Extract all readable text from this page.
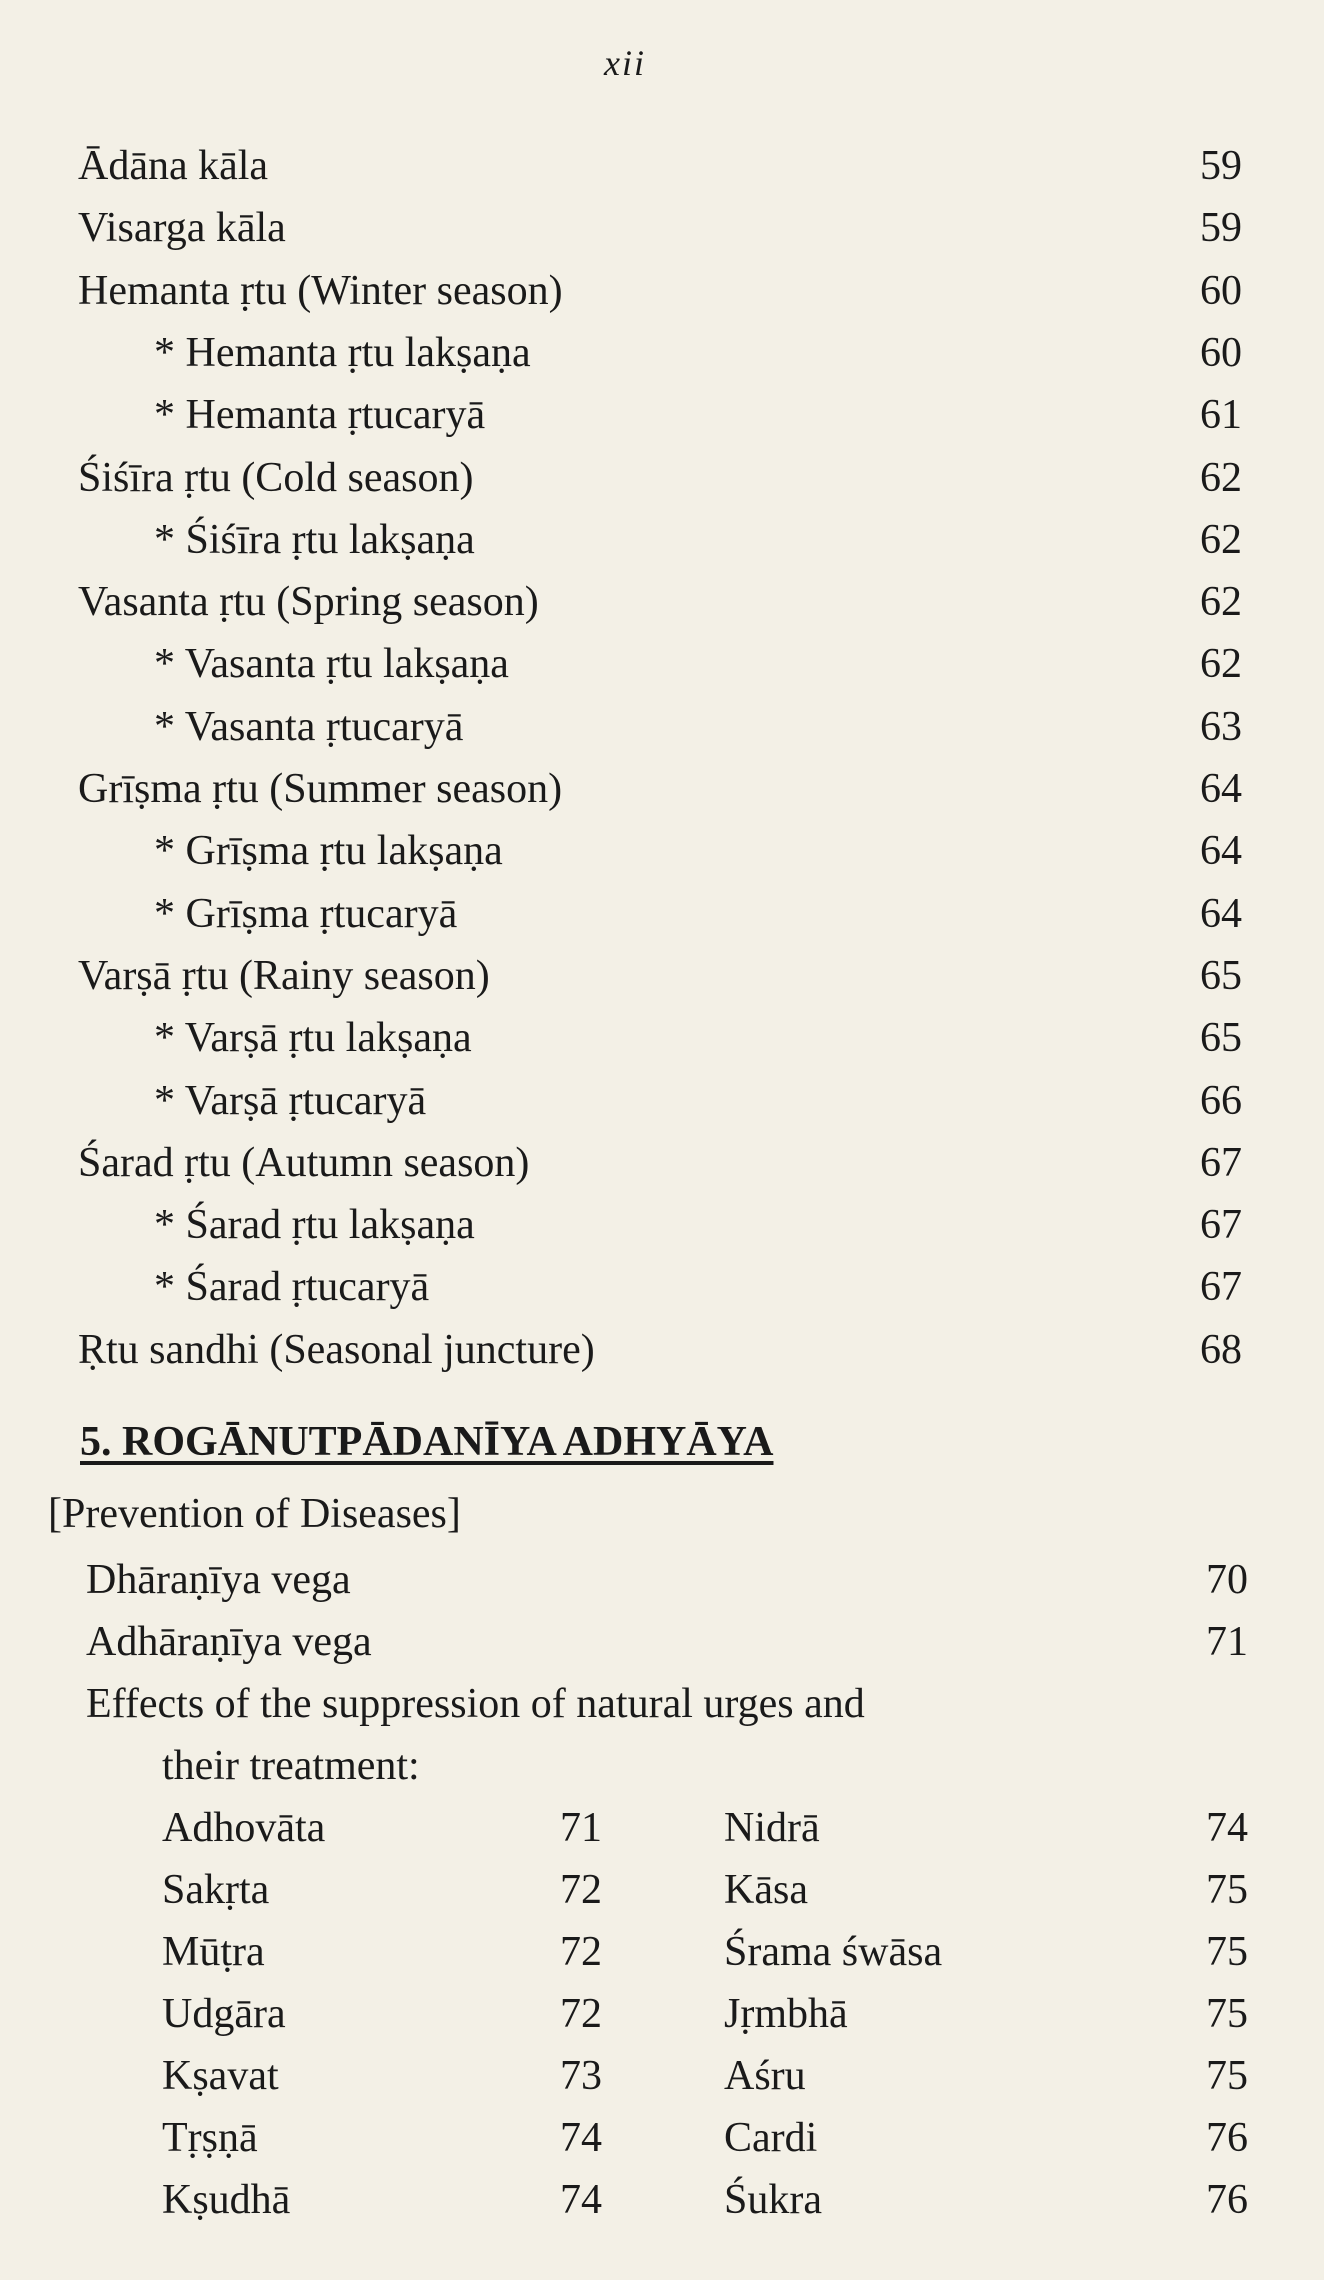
xii
Ādāna kāla	59
Visarga kāla	59
Hemanta ṛtu (Winter season)	60
* Hemanta ṛtu lakṣaṇa	60
* Hemanta ṛtucaryā	61
Śiśīra ṛtu (Cold season)	62
* Śiśīra ṛtu lakṣaṇa	62
Vasanta ṛtu (Spring season)	62
* Vasanta ṛtu lakṣaṇa	62
* Vasanta ṛtucaryā	63
Grīṣma ṛtu (Summer season)	64
* Grīṣma ṛtu lakṣaṇa	64
* Grīṣma ṛtucaryā	64
Varṣā ṛtu (Rainy season)	65
* Varṣā ṛtu lakṣaṇa	65
* Varṣā ṛtucaryā	66
Śarad ṛtu (Autumn season)	67
* Śarad ṛtu lakṣaṇa	67
* Śarad ṛtucaryā	67
Ṛtu sandhi (Seasonal juncture)	68
5. ROGĀNUTPĀDANĪYA ADHYĀYA
[Prevention of Diseases]
Dhāraṇīya vega	70
Adhāraṇīya vega	71
Effects of the suppression of natural urges and
their treatment:
Adhovāta	71	Nidrā	74
Sakṛta	72	Kāsa	75
Mūṭra	72	Śrama śwāsa	75
Udgāra	72	Jṛmbhā	75
Kṣavat	73	Aśru	75
Tṛṣṇā	74	Cardi	76
Kṣudhā	74	Śukra	76
